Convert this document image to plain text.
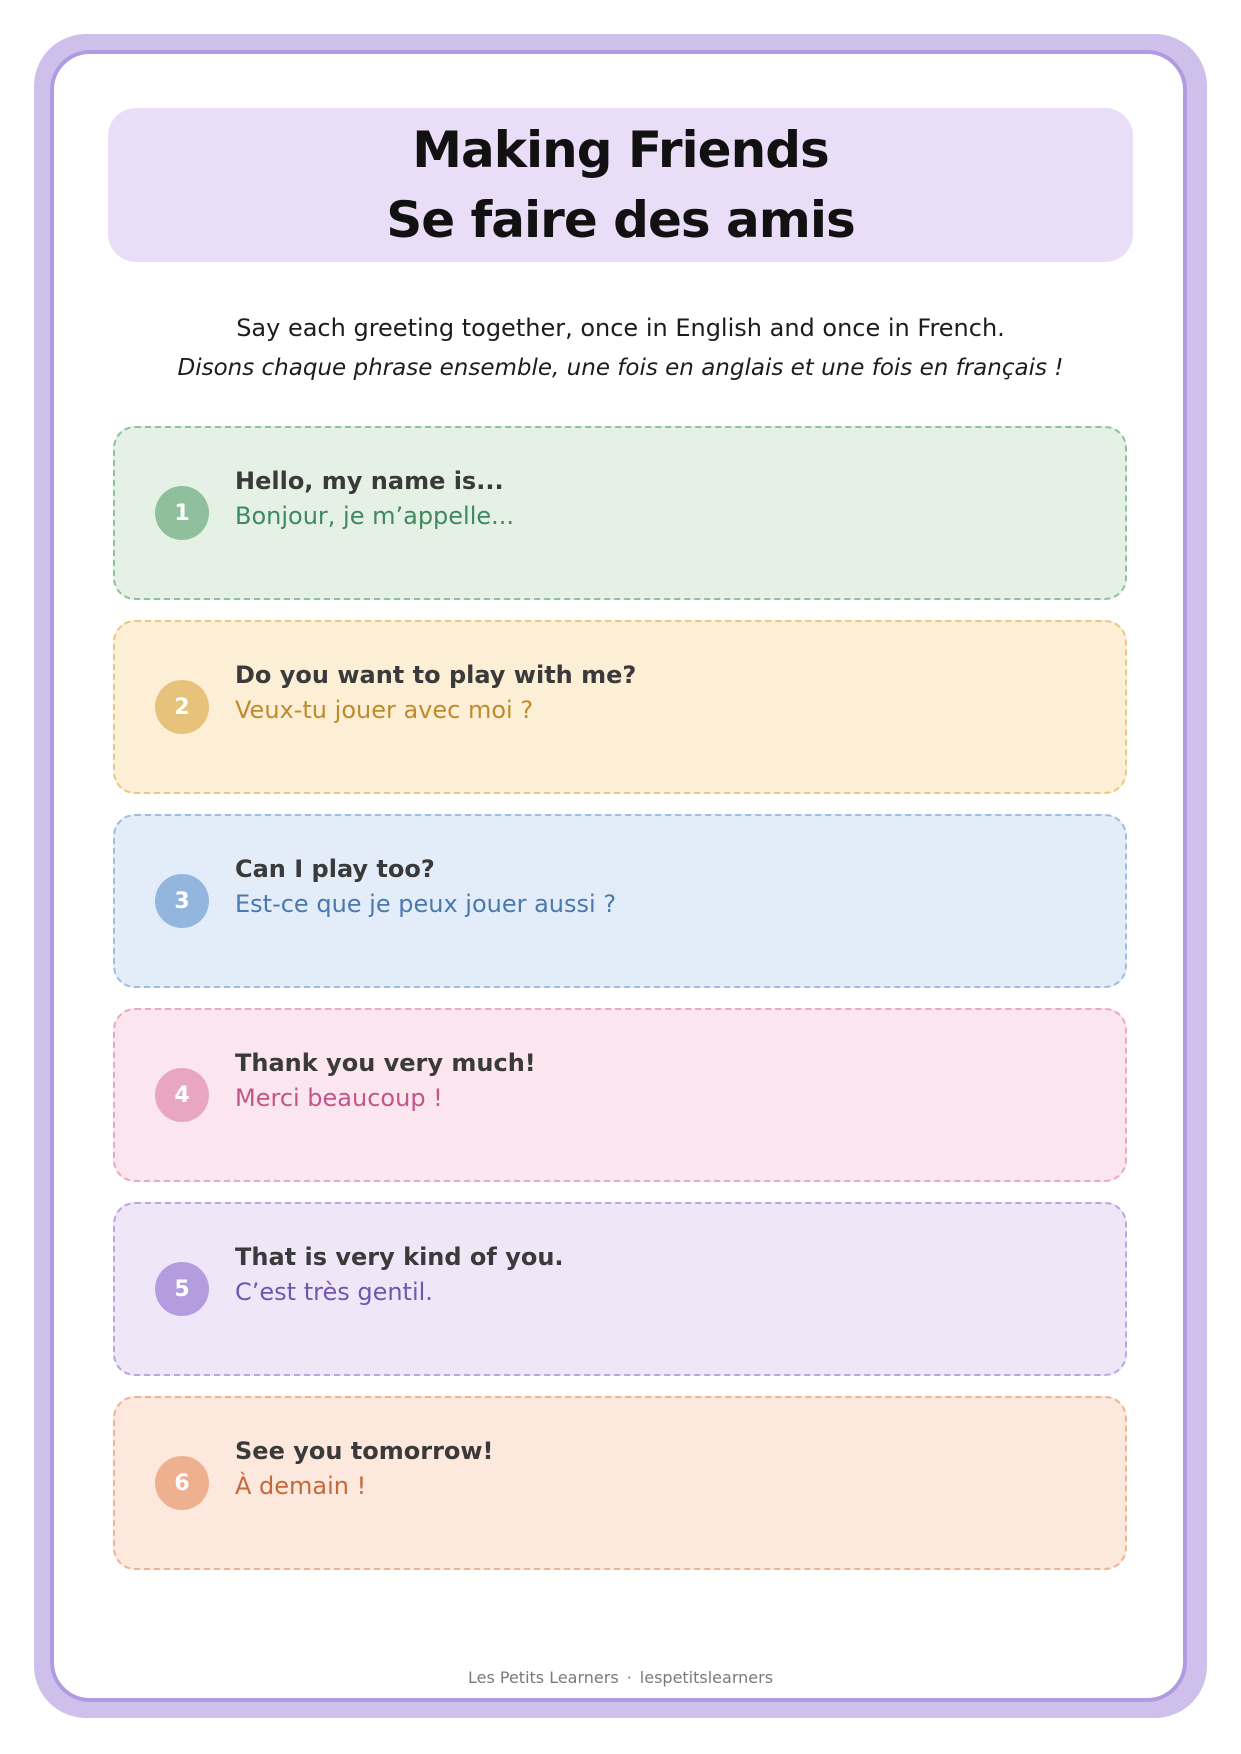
Making Friends
Se faire des amis
Say each greeting together, once in English and once in French.
Disons chaque phrase ensemble, une fois en anglais et une fois en français !
1
Hello, my name is...
Bonjour, je m’appelle...
2
Do you want to play with me?
Veux-tu jouer avec moi ?
3
Can I play too?
Est-ce que je peux jouer aussi ?
4
Thank you very much!
Merci beaucoup !
5
That is very kind of you.
C’est très gentil.
6
See you tomorrow!
À demain !
Les Petits Learners · lespetitslearners
